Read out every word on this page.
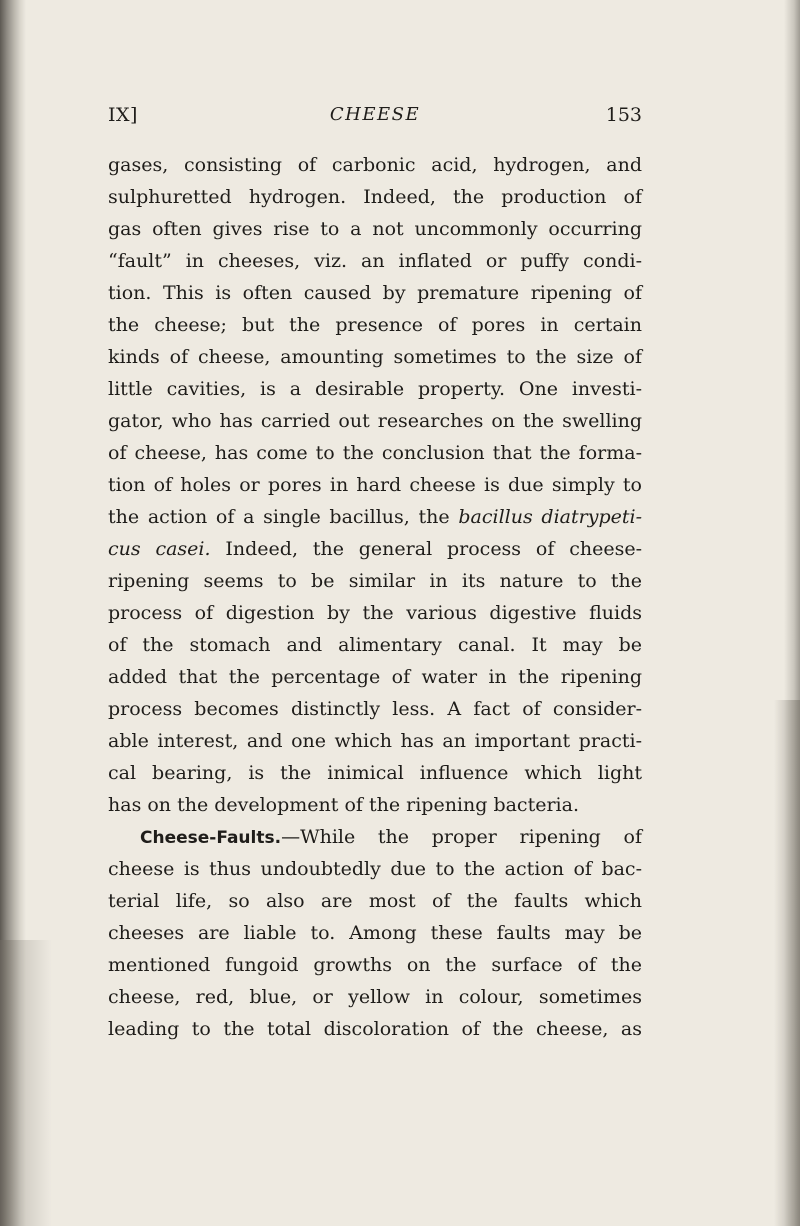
IX]	CHEESE	153
gases, consisting of carbonic acid, hydrogen, and
sulphuretted hydrogen. Indeed, the production of
gas often gives rise to a not uncommonly occurring
“fault” in cheeses, viz. an inflated or puffy condi-
tion. This is often caused by premature ripening of
the cheese; but the presence of pores in certain
kinds of cheese, amounting sometimes to the size of
little cavities, is a desirable property. One investi-
gator, who has carried out researches on the swelling
of cheese, has come to the conclusion that the forma-
tion of holes or pores in hard cheese is due simply to
the action of a single bacillus, the bacillus diatrypeti-
cus casei. Indeed, the general process of cheese-
ripening seems to be similar in its nature to the
process of digestion by the various digestive fluids
of the stomach and alimentary canal. It may be
added that the percentage of water in the ripening
process becomes distinctly less. A fact of consider-
able interest, and one which has an important practi-
cal bearing, is the inimical influence which light
has on the development of the ripening bacteria.
Cheese-Faults.—While the proper ripening of
cheese is thus undoubtedly due to the action of bac-
terial life, so also are most of the faults which
cheeses are liable to. Among these faults may be
mentioned fungoid growths on the surface of the
cheese, red, blue, or yellow in colour, sometimes
leading to the total discoloration of the cheese, as
